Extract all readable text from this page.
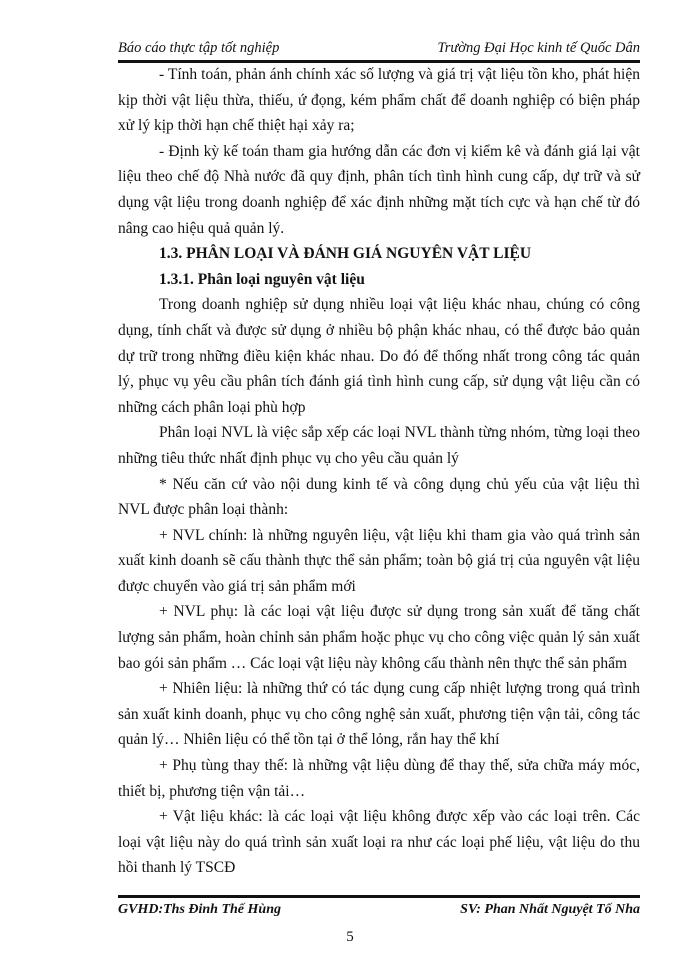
Báo cáo thực tập tốt nghiệp	Trường Đại Học kinh tế Quốc Dân

- Tính toán, phản ánh chính xác số lượng và giá trị vật liệu tồn kho, phát hiện kịp thời vật liệu thừa, thiếu, ứ đọng, kém phẩm chất để doanh nghiệp có biện pháp xử lý kịp thời hạn chế thiệt hại xảy ra;

- Định kỳ kế toán tham gia hướng dẫn các đơn vị kiểm kê và đánh giá lại vật liệu theo chế độ Nhà nước đã quy định, phân tích tình hình cung cấp, dự trữ và sử dụng vật liệu trong doanh nghiệp để xác định những mặt tích cực và hạn chế từ đó nâng cao hiệu quả quản lý.

1.3. PHÂN LOẠI VÀ ĐÁNH GIÁ NGUYÊN VẬT LIỆU

1.3.1. Phân loại nguyên vật liệu

Trong doanh nghiệp sử dụng nhiều loại vật liệu khác nhau, chúng có công dụng, tính chất và được sử dụng ở nhiều bộ phận khác nhau, có thể được bảo quản dự trữ trong những điều kiện khác nhau. Do đó để thống nhất trong công tác quản lý, phục vụ yêu cầu phân tích đánh giá tình hình cung cấp, sử dụng vật liệu cần có những cách phân loại phù hợp

Phân loại NVL là việc sắp xếp các loại NVL thành từng nhóm, từng loại theo những tiêu thức nhất định phục vụ cho yêu cầu quản lý

* Nếu căn cứ vào nội dung kinh tế và công dụng chủ yếu của vật liệu thì NVL được phân loại thành:

+ NVL chính: là những nguyên liệu, vật liệu khi tham gia vào quá trình sản xuất kinh doanh sẽ cấu thành thực thể sản phẩm; toàn bộ giá trị của nguyên vật liệu được chuyển vào giá trị sản phẩm mới

+ NVL phụ: là các loại vật liệu được sử dụng trong sản xuất để tăng chất lượng sản phẩm, hoàn chỉnh sản phẩm hoặc phục vụ cho công việc quản lý sản xuất bao gói sản phẩm … Các loại vật liệu này không cấu thành nên thực thể sản phẩm

+ Nhiên liệu: là những thứ có tác dụng cung cấp nhiệt lượng trong quá trình sản xuất kinh doanh, phục vụ cho công nghệ sản xuất, phương tiện vận tải, công tác quản lý… Nhiên liệu có thể tồn tại ở thể lỏng, rắn hay thể khí

+ Phụ tùng thay thế: là những vật liệu dùng để thay thế, sửa chữa máy móc, thiết bị, phương tiện vận tải…

+ Vật liệu khác: là các loại vật liệu không được xếp vào các loại trên. Các loại vật liệu này do quá trình sản xuất loại ra như các loại phế liệu, vật liệu do thu hồi thanh lý TSCĐ

GVHD:Ths Đinh Thế Hùng	SV: Phan Nhất Nguyệt Tố Nha
5
